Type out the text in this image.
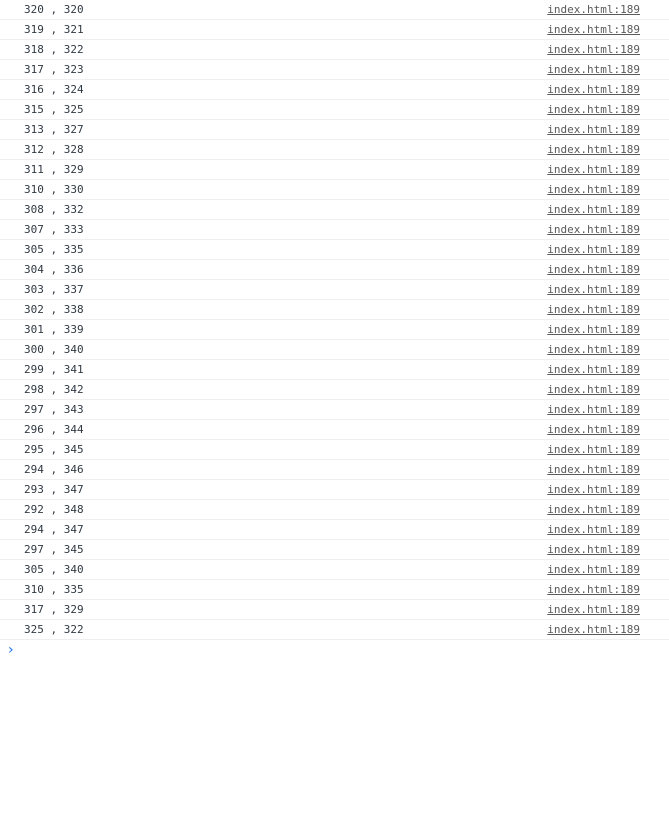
320 , 320	index.html:189
319 , 321	index.html:189
318 , 322	index.html:189
317 , 323	index.html:189
316 , 324	index.html:189
315 , 325	index.html:189
313 , 327	index.html:189
312 , 328	index.html:189
311 , 329	index.html:189
310 , 330	index.html:189
308 , 332	index.html:189
307 , 333	index.html:189
305 , 335	index.html:189
304 , 336	index.html:189
303 , 337	index.html:189
302 , 338	index.html:189
301 , 339	index.html:189
300 , 340	index.html:189
299 , 341	index.html:189
298 , 342	index.html:189
297 , 343	index.html:189
296 , 344	index.html:189
295 , 345	index.html:189
294 , 346	index.html:189
293 , 347	index.html:189
292 , 348	index.html:189
294 , 347	index.html:189
297 , 345	index.html:189
305 , 340	index.html:189
310 , 335	index.html:189
317 , 329	index.html:189
325 , 322	index.html:189
›
